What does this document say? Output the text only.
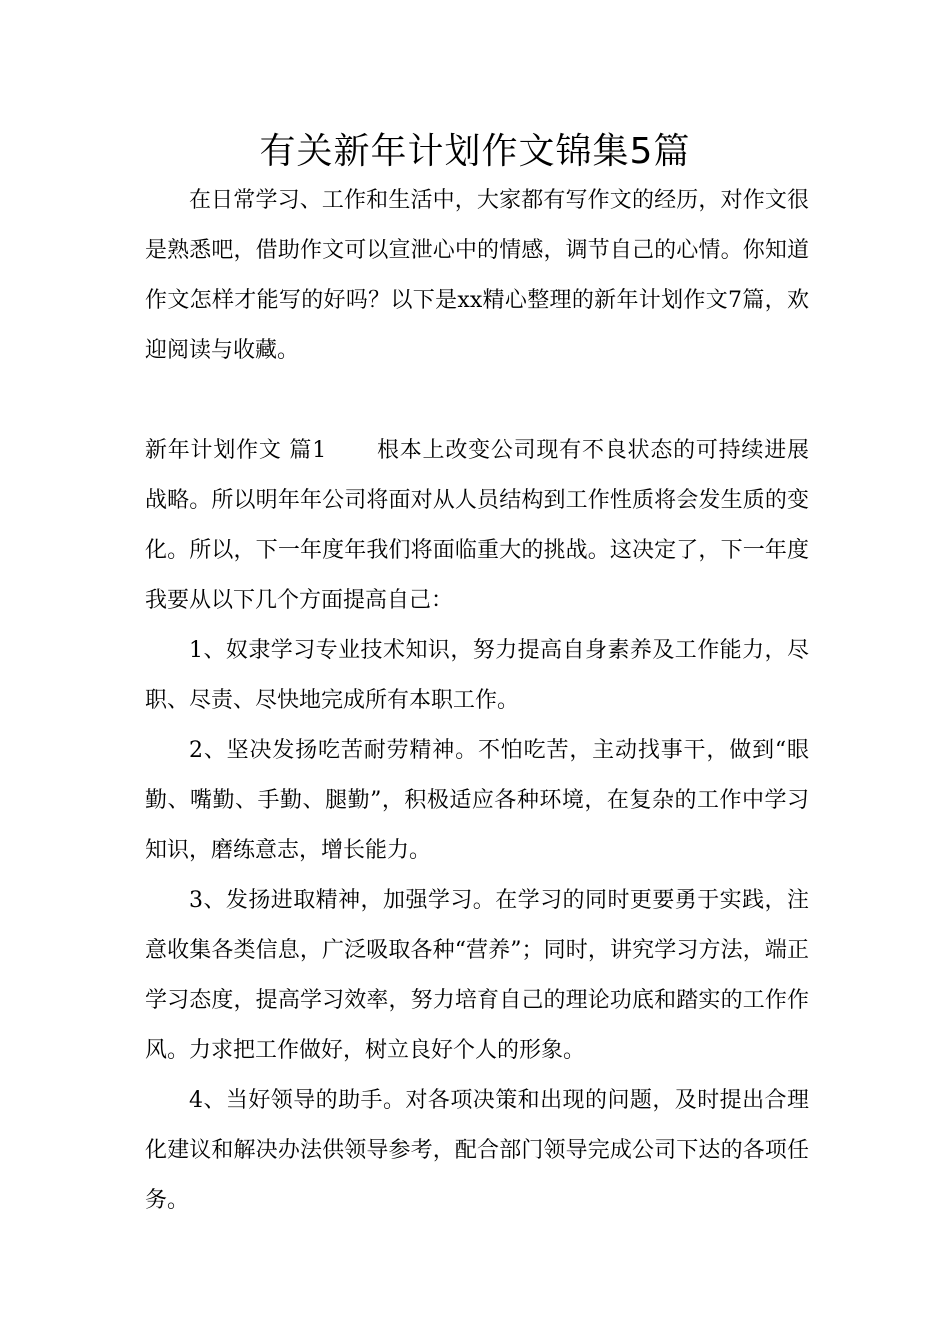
有关新年计划作文锦集5篇

在日常学习、工作和生活中，大家都有写作文的经历，对作文很是熟悉吧，借助作文可以宣泄心中的情感，调节自己的心情。你知道作文怎样才能写的好吗？以下是xx精心整理的新年计划作文7篇，欢迎阅读与收藏。

新年计划作文 篇1 根本上改变公司现有不良状态的可持续进展战略。所以明年年公司将面对从人员结构到工作性质将会发生质的变化。所以，下一年度年我们将面临重大的挑战。这决定了，下一年度我要从以下几个方面提高自己：

1、奴隶学习专业技术知识，努力提高自身素养及工作能力，尽职、尽责、尽快地完成所有本职工作。

2、坚决发扬吃苦耐劳精神。不怕吃苦，主动找事干，做到“眼勤、嘴勤、手勤、腿勤”，积极适应各种环境，在复杂的工作中学习知识，磨练意志，增长能力。

3、发扬进取精神，加强学习。在学习的同时更要勇于实践，注意收集各类信息，广泛吸取各种“营养”；同时，讲究学习方法，端正学习态度，提高学习效率，努力培育自己的理论功底和踏实的工作作风。力求把工作做好，树立良好个人的形象。

4、当好领导的助手。对各项决策和出现的问题，及时提出合理化建议和解决办法供领导参考，配合部门领导完成公司下达的各项任务。
